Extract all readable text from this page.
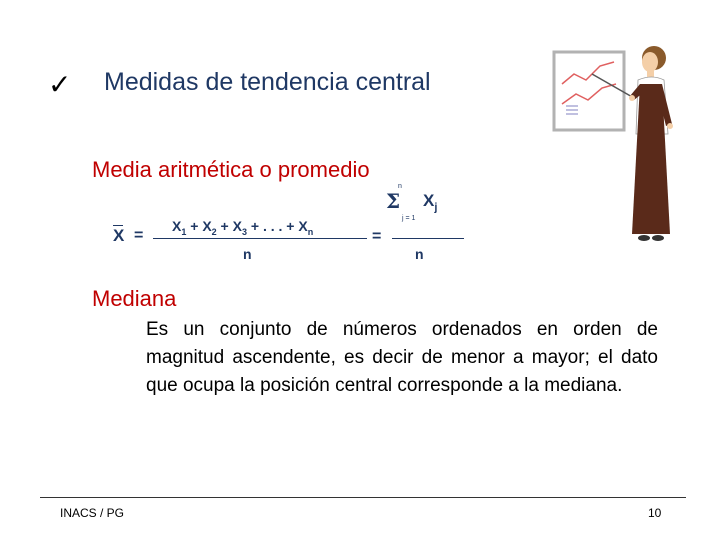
✓ Medidas de tendencia central
Media aritmética o promedio
X =
$X_1 + X_2 + X_3$ + . . . + $X_n$
n
=
Σ
n
$X_j$
j = 1
n
Mediana
Es un conjunto de números ordenados en orden de magnitud ascendente, es decir de menor a mayor; el dato que ocupa la posición central corresponde a la mediana.
INACS / PG	10
